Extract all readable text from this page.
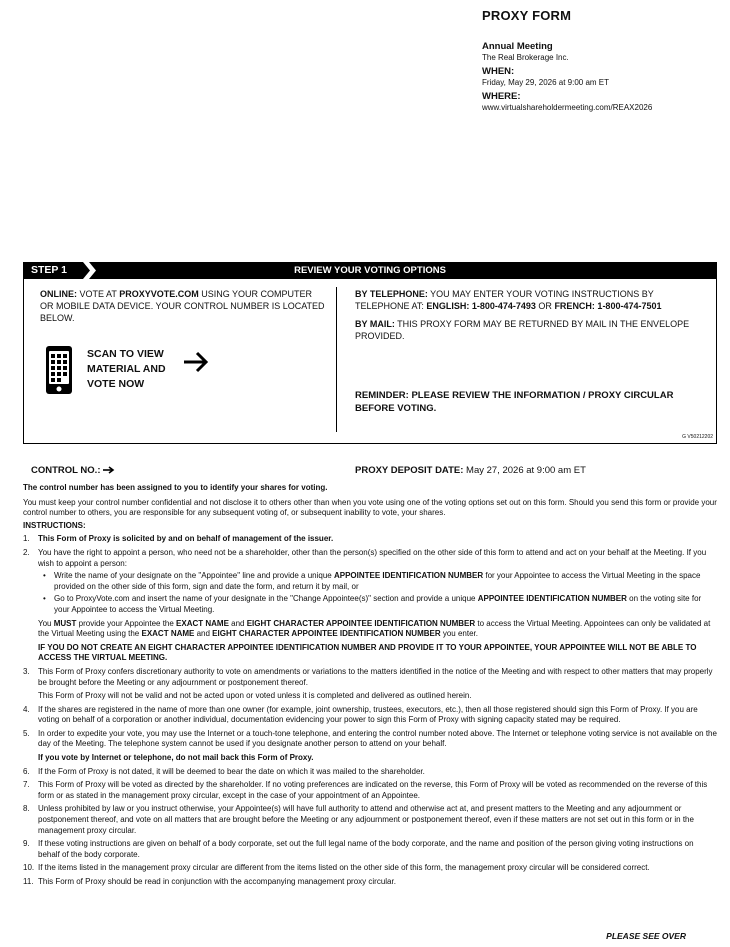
PROXY FORM
Annual Meeting
The Real Brokerage Inc.
WHEN:
Friday, May 29, 2026 at 9:00 am ET
WHERE:
www.virtualshareholdermeeting.com/REAX2026
REVIEW YOUR VOTING OPTIONS
STEP 1
ONLINE: VOTE AT PROXYVOTE.COM USING YOUR COMPUTER OR MOBILE DATA DEVICE. YOUR CONTROL NUMBER IS LOCATED BELOW.
SCAN TO VIEW MATERIAL AND VOTE NOW
BY TELEPHONE: YOU MAY ENTER YOUR VOTING INSTRUCTIONS BY TELEPHONE AT: ENGLISH: 1-800-474-7493 OR FRENCH: 1-800-474-7501
BY MAIL: THIS PROXY FORM MAY BE RETURNED BY MAIL IN THE ENVELOPE PROVIDED.
REMINDER: PLEASE REVIEW THE INFORMATION / PROXY CIRCULAR BEFORE VOTING.
G V50212202
CONTROL NO.:	PROXY DEPOSIT DATE: May 27, 2026 at 9:00 am ET

The control number has been assigned to you to identify your shares for voting.

You must keep your control number confidential and not disclose it to others other than when you vote using one of the voting options set out on this form. Should you send this form or provide your control number to others, you are responsible for any subsequent voting of, or subsequent inability to vote, your shares.

INSTRUCTIONS:

1. This Form of Proxy is solicited by and on behalf of management of the issuer.
2. You have the right to appoint a person, who need not be a shareholder, other than the person(s) specified on the other side of this form to attend and act on your behalf at the Meeting. If you wish to appoint a person:
• Write the name of your designate on the "Appointee" line and provide a unique APPOINTEE IDENTIFICATION NUMBER for your Appointee to access the Virtual Meeting in the space provided on the other side of this form, sign and date the form, and return it by mail, or
• Go to ProxyVote.com and insert the name of your designate in the "Change Appointee(s)" section and provide a unique APPOINTEE IDENTIFICATION NUMBER on the voting site for your Appointee to access the Virtual Meeting.

You MUST provide your Appointee the EXACT NAME and EIGHT CHARACTER APPOINTEE IDENTIFICATION NUMBER to access the Virtual Meeting. Appointees can only be validated at the Virtual Meeting using the EXACT NAME and EIGHT CHARACTER APPOINTEE IDENTIFICATION NUMBER you enter.

IF YOU DO NOT CREATE AN EIGHT CHARACTER APPOINTEE IDENTIFICATION NUMBER AND PROVIDE IT TO YOUR APPOINTEE, YOUR APPOINTEE WILL NOT BE ABLE TO ACCESS THE VIRTUAL MEETING.

3. This Form of Proxy confers discretionary authority to vote on amendments or variations to the matters identified in the notice of the Meeting and with respect to other matters that may properly be brought before the Meeting or any adjournment or postponement thereof.

This Form of Proxy will not be valid and not be acted upon or voted unless it is completed and delivered as outlined herein.

4. If the shares are registered in the name of more than one owner (for example, joint ownership, trustees, executors, etc.), then all those registered should sign this Form of Proxy. If you are voting on behalf of a corporation or another individual, documentation evidencing your power to sign this Form of Proxy with signing capacity stated may be required.
5. In order to expedite your vote, you may use the Internet or a touch-tone telephone, and entering the control number noted above. The Internet or telephone voting service is not available on the day of the Meeting. The telephone system cannot be used if you designate another person to attend on your behalf.

If you vote by Internet or telephone, do not mail back this Form of Proxy.

6. If the Form of Proxy is not dated, it will be deemed to bear the date on which it was mailed to the shareholder.
7. This Form of Proxy will be voted as directed by the shareholder. If no voting preferences are indicated on the reverse, this Form of Proxy will be voted as recommended on the reverse of this form or as stated in the management proxy circular, except in the case of your appointment of an Appointee.
8. Unless prohibited by law or you instruct otherwise, your Appointee(s) will have full authority to attend and otherwise act at, and present matters to the Meeting and any adjournment or postponement thereof, and vote on all matters that are brought before the Meeting or any adjournment or postponement thereof, even if these matters are not set out in this form or in the management proxy circular.
9. If these voting instructions are given on behalf of a body corporate, set out the full legal name of the body corporate, and the name and position of the person giving voting instructions on behalf of the body corporate.
10. If the items listed in the management proxy circular are different from the items listed on the other side of this form, the management proxy circular will be considered correct.
11. This Form of Proxy should be read in conjunction with the accompanying management proxy circular.
PLEASE SEE OVER
